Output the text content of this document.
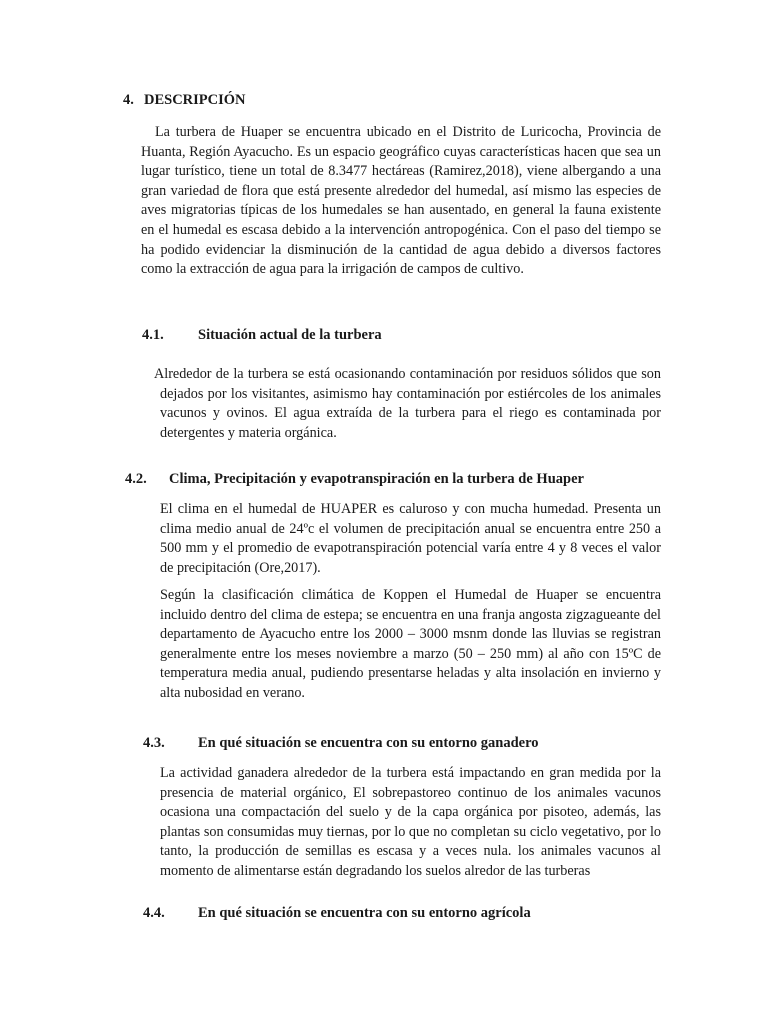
4. DESCRIPCIÓN

La turbera de Huaper se encuentra ubicado en el Distrito de Luricocha, Provincia de Huanta, Región Ayacucho. Es un espacio geográfico cuyas características hacen que sea un lugar turístico, tiene un total de 8.3477 hectáreas (Ramirez,2018), viene albergando a una gran variedad de flora que está presente alrededor del humedal, así mismo las especies de aves migratorias típicas de los humedales se han ausentado, en general la fauna existente en el humedal es escasa debido a la intervención antropogénica. Con el paso del tiempo se ha podido evidenciar la disminución de la cantidad de agua debido a diversos factores como la extracción de agua para la irrigación de campos de cultivo.

4.1. Situación actual de la turbera

Alrededor de la turbera se está ocasionando contaminación por residuos sólidos que son dejados por los visitantes, asimismo hay contaminación por estiércoles de los animales vacunos y ovinos. El agua extraída de la turbera para el riego es contaminada por detergentes y materia orgánica.

4.2. Clima, Precipitación y evapotranspiración en la turbera de Huaper

El clima en el humedal de HUAPER es caluroso y con mucha humedad. Presenta un clima medio anual de 24ºc el volumen de precipitación anual se encuentra entre 250 a 500 mm y el promedio de evapotranspiración potencial varía entre 4 y 8 veces el valor de precipitación (Ore,2017).

Según la clasificación climática de Koppen el Humedal de Huaper se encuentra incluido dentro del clima de estepa; se encuentra en una franja angosta zigzagueante del departamento de Ayacucho entre los 2000 – 3000 msnm donde las lluvias se registran generalmente entre los meses noviembre a marzo (50 – 250 mm) al año con 15ºC de temperatura media anual, pudiendo presentarse heladas y alta insolación en invierno y alta nubosidad en verano.

4.3. En qué situación se encuentra con su entorno ganadero

La actividad ganadera alrededor de la turbera está impactando en gran medida por la presencia de material orgánico, El sobrepastoreo continuo de los animales vacunos ocasiona una compactación del suelo y de la capa orgánica por pisoteo, además, las plantas son consumidas muy tiernas, por lo que no completan su ciclo vegetativo, por lo tanto, la producción de semillas es escasa y a veces nula. los animales vacunos al momento de alimentarse están degradando los suelos alredor de las turberas

4.4. En qué situación se encuentra con su entorno agrícola
